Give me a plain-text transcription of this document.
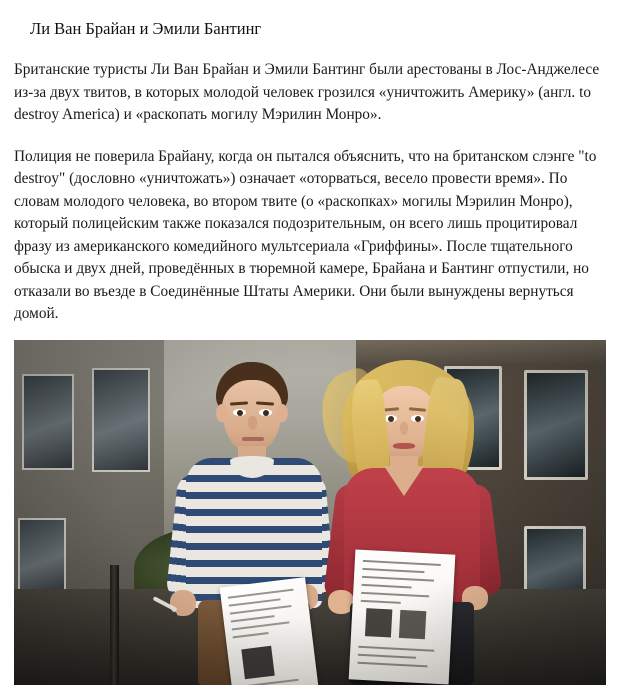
Ли Ван Брайан и Эмили Бантинг

Британские туристы Ли Ван Брайан и Эмили Бантинг были арестованы в Лос-Анджелесе из-за двух твитов, в которых молодой человек грозился «уничтожить Америку» (англ. to destroy America) и «раскопать могилу Мэрилин Монро».

Полиция не поверила Брайану, когда он пытался объяснить, что на британском слэнге "to destroy" (дословно «уничтожать») означает «оторваться, весело провести время». По словам молодого человека, во втором твите (о «раскопках» могилы Мэрилин Монро), который полицейским также показался подозрительным, он всего лишь процитировал фразу из американского комедийного мультсериала «Гриффины». После тщательного обыска и двух дней, проведённых в тюремной камере, Брайана и Бантинг отпустили, но отказали во въезде в Соединённые Штаты Америки. Они были вынуждены вернуться домой.
